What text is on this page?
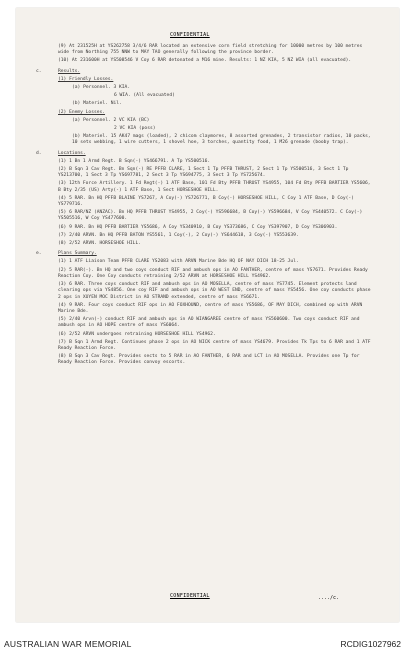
CONFIDENTIAL

(9) At 231525H at YS262758 3/4/6 RAR located an extensive corn field stretching for 10000 metres by 100 metres wide from Northing 755 NNW to MAY TAO generally following the province border.

(10) At 231600H at YS508546 V Coy 6 RAR detonated a M16 mine. Results: 1 NZ KIA, 5 NZ WIA (all evacuated).

c.	Results.

(1) Friendly Losses.

(a) Personnel. 3 KIA.

6 WIA. (All evacuated)

(b) Materiel. Nil.

(2) Enemy Losses.

(a) Personnel. 2 VC KIA (BC)

2 VC KIA (poss)

(b) Materiel. 15 AK47 mags (loaded), 2 chicom claymores, 8 assorted grenades, 2 transistor radios, 10 packs, 10 sets webbing, 1 wire cutters, 1 shovel hoe, 3 torches, quantity food, 1 M26 grenade (booby trap).

d.	Locations.

(1) 1 Bn 1 Armd Regt. B Sqn(-) YS466791. A Tp YS500516.

(2) B Sqn 3 Cav Regt. Bn Sqn(-) RE PFFB CLARE, 1 Sect 1 Tp PFFB THRUST, 2 Sect 1 Tp YS500516, 3 Sect 1 Tp YS213700, 1 Sect 3 Tp YS697781, 2 Sect 3 Tp YS694775, 3 Sect 3 Tp YS725674.

(3) 12th Force Artillery. 1 Fd Regt(-) 1 ATF Base, 101 Fd Bty PFFB THRUST YS4955, 104 Fd Bty PFFB BARTIER YS5606, B Bty 2/35 (US) Arty(-) 1 ATF Base, 1 Sect HORSESHOE HILL.

(4) 5 RAR. Bn HQ PFFB BLAINE YS7267, A Coy(-) YS726771, B Coy(-) HORSESHOE HILL, C Coy 1 ATF Base, D Coy(-) YS779716.

(5) 6 RAR/NZ (ANZAC). Bn HQ PFFB THRUST YS4955, 2 Coy(-) YS596684, B Coy(-) YS596684, V Coy YS440572. C Coy(-) YS505516, W Coy YS477600.

(6) 9 RAR. Bn HQ PFFB BARTIER YS5686, A Coy YS340910, B Coy YS373686, C Coy YS397907, D Coy YS306903.

(7) 2/40 ARVN. Bn HQ PFFB BATON YS5561, 1 Coy(-), 2 Coy(-) YS644618, 3 Coy(-) YS553639.

(8) 2/52 ARVN. HORSESHOE HILL.

e.	Plans Summary.

(1) 1 ATF Liaison Team PFFB CLARE YS2083 with ARVN Marine Bde HQ OF NAY DICH 18-25 Jul.

(2) 5 RAR(-). Bn HQ and two coys conduct RIF and ambush ops in AO FANTHER, centre of mass YS7671. Provides Ready Reaction Coy. One Coy conducts retraining 2/52 ARVN at HORSESHOE HILL YS4962.

(3) 6 RAR. Three coys conduct RIF and ambush ops in AO MOSELLA, centre of mass YS7745. Element protects land clearing ops via YS4856. One coy RIF and ambush ops in AO WEST END, centre of mass YS5456. One coy conducts phase 2 ops in XUYEN MOC District in AO STRAND extended, centre of mass YS6671.

(4) 9 RAR. Four coys conduct RIF ops in AO FOXHOUND, centre of mass YS5686, OF MAY DICH, combined op with ARVN Marine Bde.

(5) 2/40 Arvn(-) conduct RIF and ambush ops in AO WIANGAREE centre of mass YS560600. Two coys conduct RIF and ambush ops in AO HOPE centre of mass YS6064.

(6) 2/52 ARVN undergoes retraining HORSESHOE HILL YS4962.

(7) B Sqn 1 Armd Regt. Continues phase 2 ops in AO NICK centre of mass YS4679. Provides Tk Tps to 6 RAR and 1 ATF Ready Reaction Force.

(8) B Sqn 3 Cav Regt. Provides sects to 5 RAR in AO FANTHER, 6 RAR and LCT in AO MOSELLA. Provides one Tp for Ready Reaction Force. Provides convoy escorts.

CONFIDENTIAL	..../c.
AUSTRALIAN WAR MEMORIAL	RCDIG1027962
